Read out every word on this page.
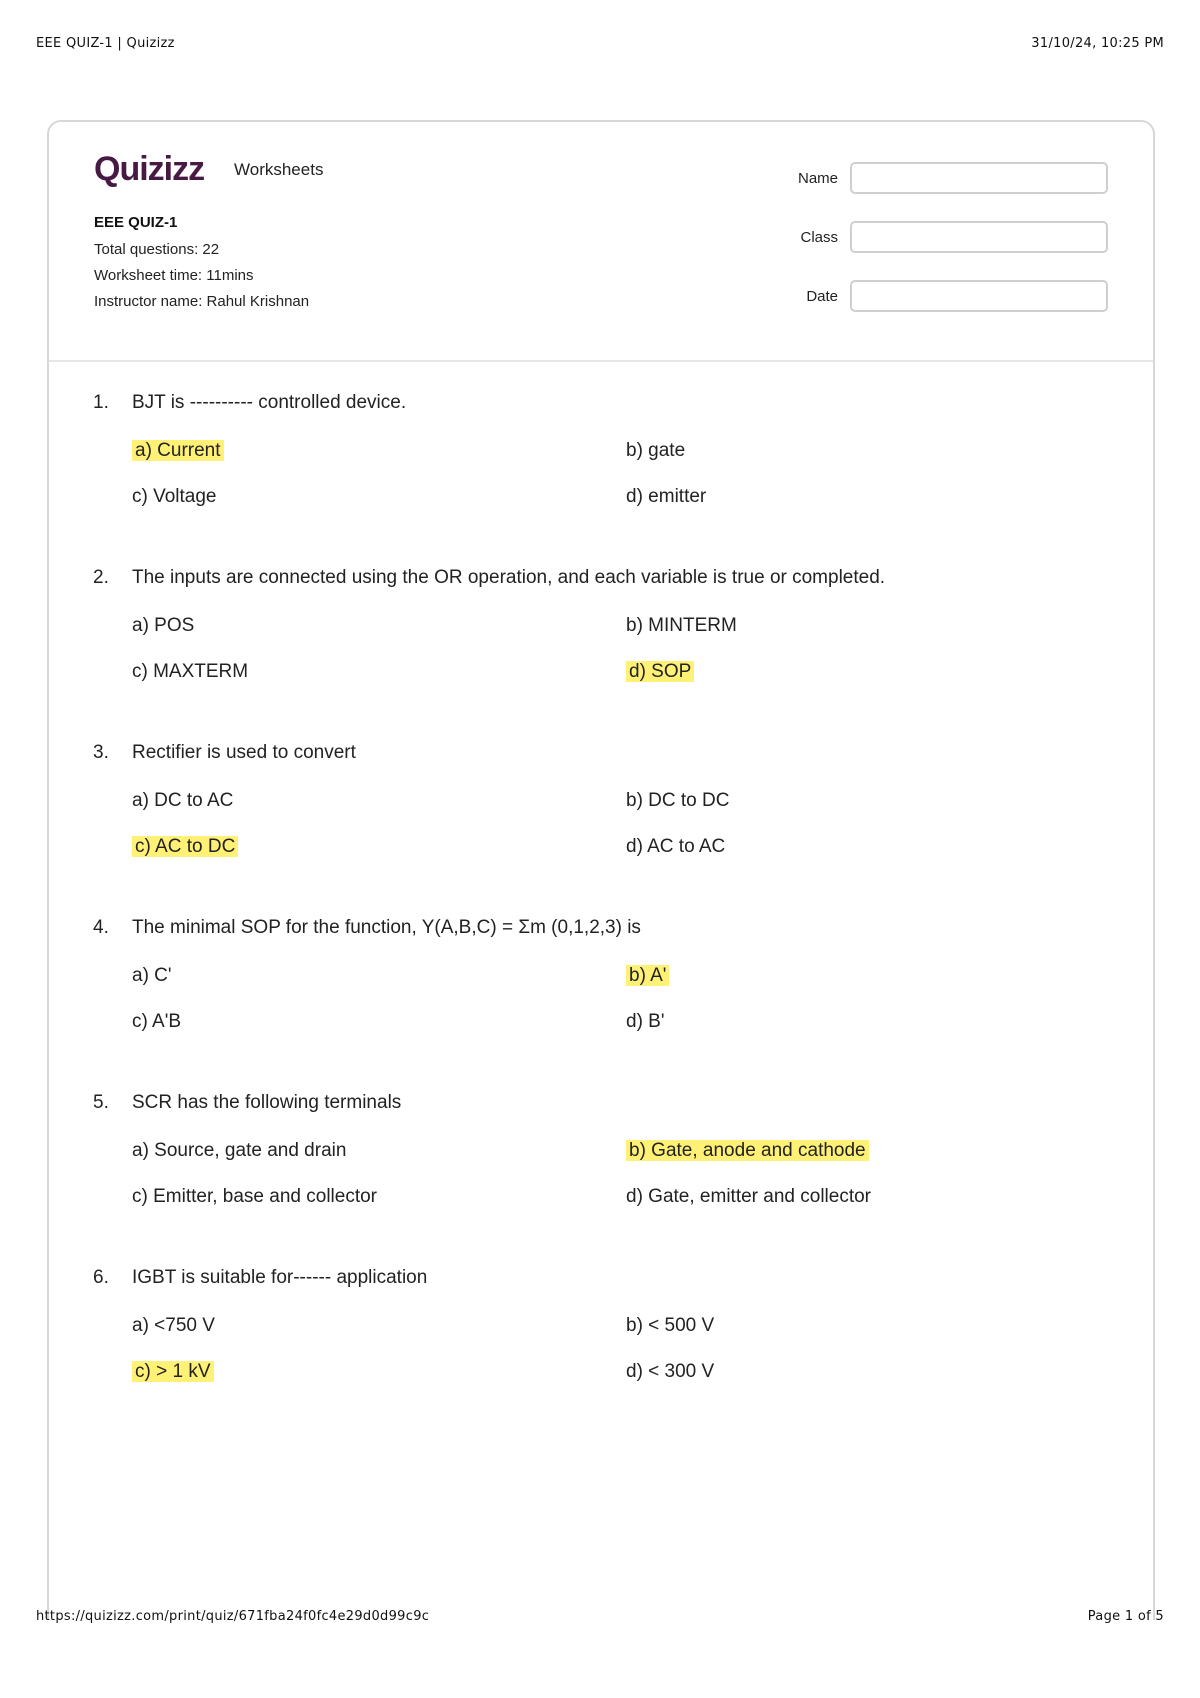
EEE QUIZ-1 | Quizizz	31/10/24, 10:25 PM
Quizizz Worksheets
EEE QUIZ-1
Total questions: 22
Worksheet time: 11mins
Instructor name: Rahul Krishnan
Name
Class
Date
1.	BJT is ---------- controlled device.
a) Current	b) gate
c) Voltage	d) emitter
2.	The inputs are connected using the OR operation, and each variable is true or completed.
a) POS	b) MINTERM
c) MAXTERM	d) SOP
3.	Rectifier is used to convert
a) DC to AC	b) DC to DC
c) AC to DC	d) AC to AC
4.	The minimal SOP for the function, Y(A,B,C) = Σm (0,1,2,3) is
a) C'	b) A'
c) A'B	d) B'
5.	SCR has the following terminals
a) Source, gate and drain	b) Gate, anode and cathode
c) Emitter, base and collector	d) Gate, emitter and collector
6.	IGBT is suitable for------ application
a) <750 V	b) < 500 V
c) > 1 kV	d) < 300 V
https://quizizz.com/print/quiz/671fba24f0fc4e29d0d99c9c	Page 1 of 5
